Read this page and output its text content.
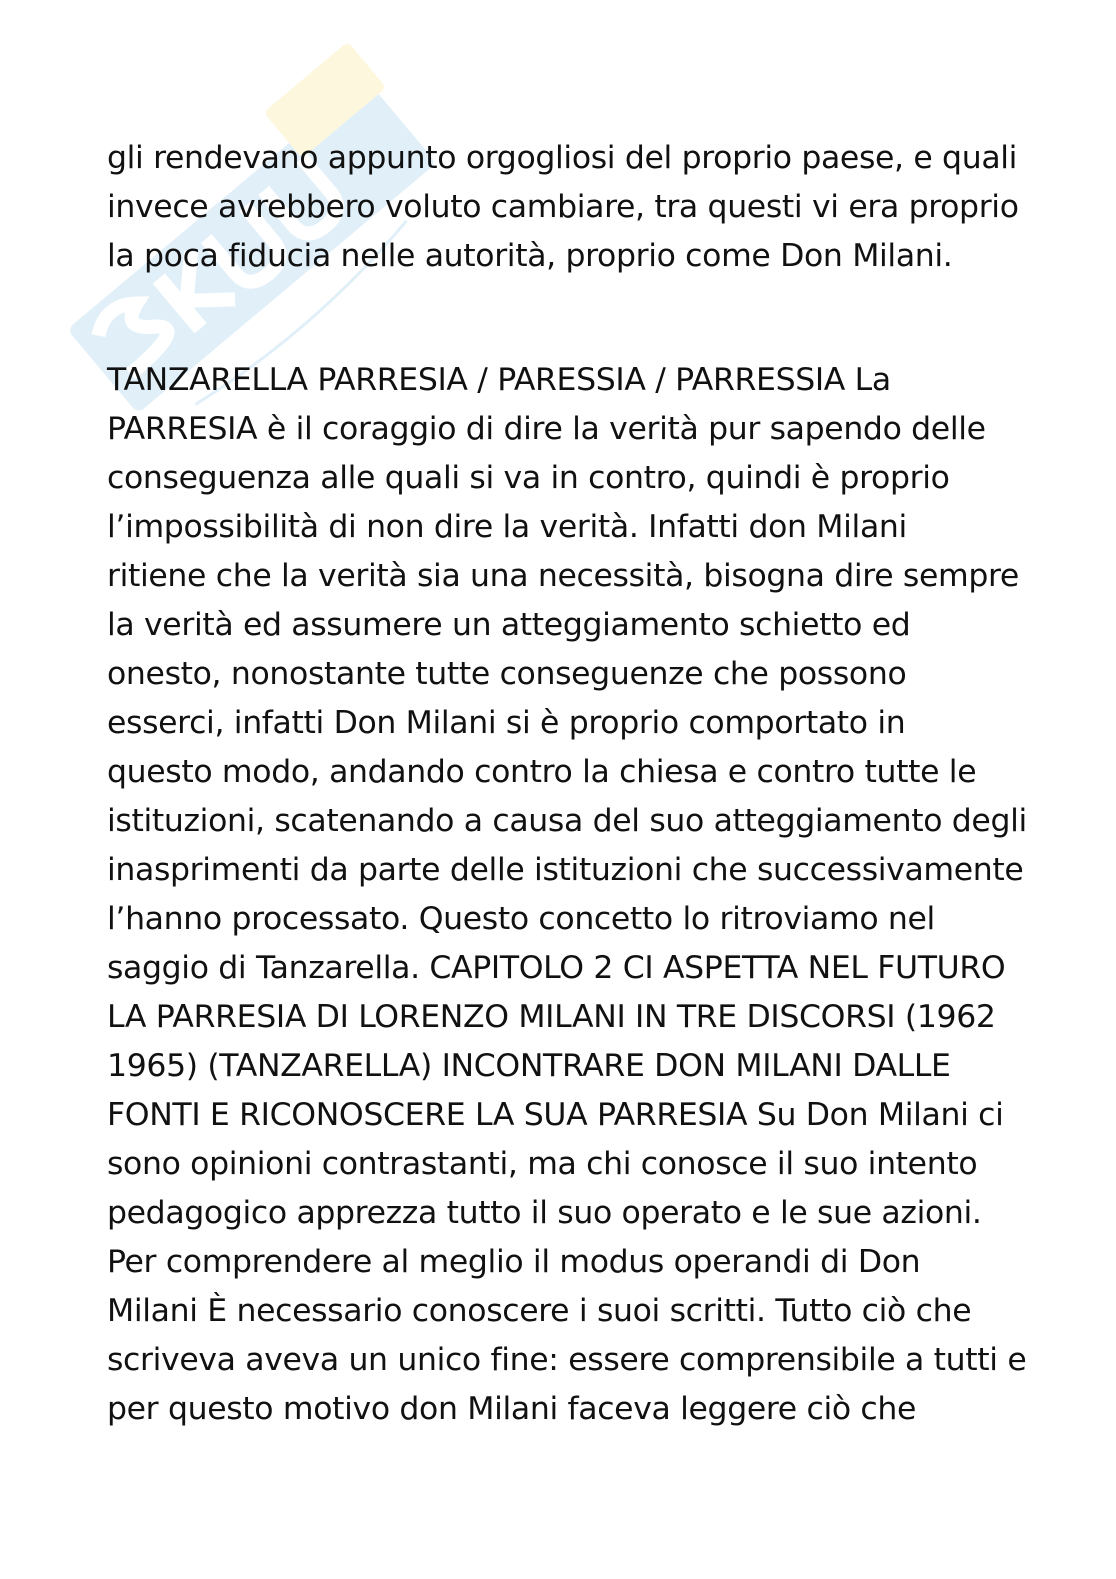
gli rendevano appunto orgogliosi del proprio paese, e quali
invece avrebbero voluto cambiare, tra questi vi era proprio
la poca fiducia nelle autorità, proprio come Don Milani.
TANZARELLA PARRESIA / PARESSIA / PARRESSIA La
PARRESIA è il coraggio di dire la verità pur sapendo delle
conseguenza alle quali si va in contro, quindi è proprio
l’impossibilità di non dire la verità. Infatti don Milani
ritiene che la verità sia una necessità, bisogna dire sempre
la verità ed assumere un atteggiamento schietto ed
onesto, nonostante tutte conseguenze che possono
esserci, infatti Don Milani si è proprio comportato in
questo modo, andando contro la chiesa e contro tutte le
istituzioni, scatenando a causa del suo atteggiamento degli
inasprimenti da parte delle istituzioni che successivamente
l’hanno processato. Questo concetto lo ritroviamo nel
saggio di Tanzarella. CAPITOLO 2 CI ASPETTA NEL FUTURO
LA PARRESIA DI LORENZO MILANI IN TRE DISCORSI (1962
1965) (TANZARELLA) INCONTRARE DON MILANI DALLE
FONTI E RICONOSCERE LA SUA PARRESIA Su Don Milani ci
sono opinioni contrastanti, ma chi conosce il suo intento
pedagogico apprezza tutto il suo operato e le sue azioni.
Per comprendere al meglio il modus operandi di Don
Milani È necessario conoscere i suoi scritti. Tutto ciò che
scriveva aveva un unico fine: essere comprensibile a tutti e
per questo motivo don Milani faceva leggere ciò che
